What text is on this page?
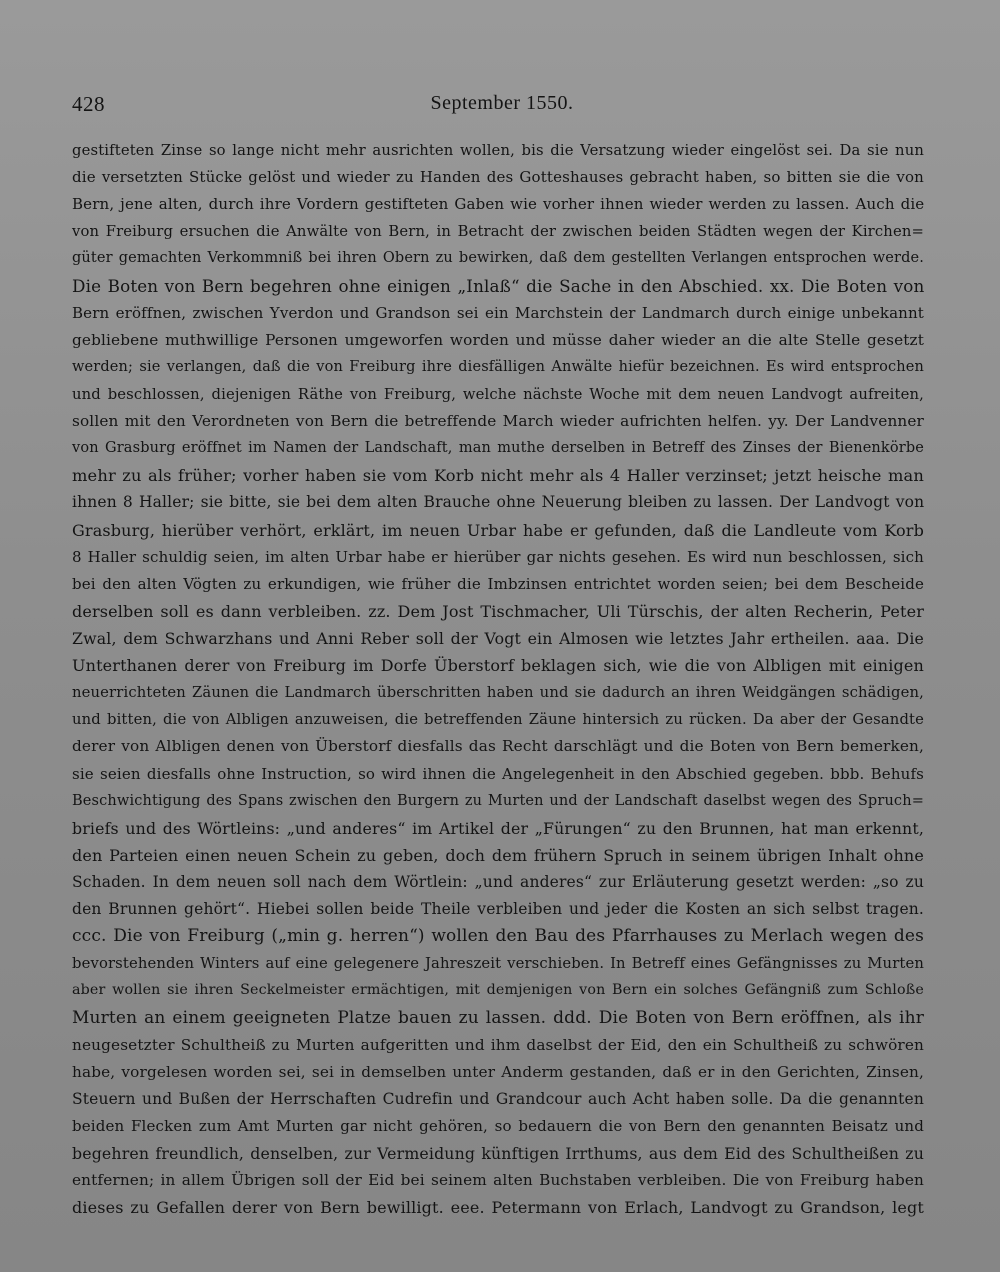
428	September 1550.
gestifteten Zinse so lange nicht mehr ausrichten wollen, bis die Versatzung wieder eingelöst sei. Da sie nun
die versetzten Stücke gelöst und wieder zu Handen des Gotteshauses gebracht haben, so bitten sie die von
Bern, jene alten, durch ihre Vordern gestifteten Gaben wie vorher ihnen wieder werden zu lassen. Auch die
von Freiburg ersuchen die Anwälte von Bern, in Betracht der zwischen beiden Städten wegen der Kirchen=
güter gemachten Verkommniß bei ihren Obern zu bewirken, daß dem gestellten Verlangen entsprochen werde.
Die Boten von Bern begehren ohne einigen „Inlaß“ die Sache in den Abschied. xx. Die Boten von
Bern eröffnen, zwischen Yverdon und Grandson sei ein Marchstein der Landmarch durch einige unbekannt
gebliebene muthwillige Personen umgeworfen worden und müsse daher wieder an die alte Stelle gesetzt
werden; sie verlangen, daß die von Freiburg ihre diesfälligen Anwälte hiefür bezeichnen. Es wird entsprochen
und beschlossen, diejenigen Räthe von Freiburg, welche nächste Woche mit dem neuen Landvogt aufreiten,
sollen mit den Verordneten von Bern die betreffende March wieder aufrichten helfen. yy. Der Landvenner
von Grasburg eröffnet im Namen der Landschaft, man muthe derselben in Betreff des Zinses der Bienenkörbe
mehr zu als früher; vorher haben sie vom Korb nicht mehr als 4 Haller verzinset; jetzt heische man
ihnen 8 Haller; sie bitte, sie bei dem alten Brauche ohne Neuerung bleiben zu lassen. Der Landvogt von
Grasburg, hierüber verhört, erklärt, im neuen Urbar habe er gefunden, daß die Landleute vom Korb
8 Haller schuldig seien, im alten Urbar habe er hierüber gar nichts gesehen. Es wird nun beschlossen, sich
bei den alten Vögten zu erkundigen, wie früher die Imbzinsen entrichtet worden seien; bei dem Bescheide
derselben soll es dann verbleiben. zz. Dem Jost Tischmacher, Uli Türschis, der alten Recherin, Peter
Zwal, dem Schwarzhans und Anni Reber soll der Vogt ein Almosen wie letztes Jahr ertheilen. aaa. Die
Unterthanen derer von Freiburg im Dorfe Überstorf beklagen sich, wie die von Albligen mit einigen
neuerrichteten Zäunen die Landmarch überschritten haben und sie dadurch an ihren Weidgängen schädigen,
und bitten, die von Albligen anzuweisen, die betreffenden Zäune hintersich zu rücken. Da aber der Gesandte
derer von Albligen denen von Überstorf diesfalls das Recht darschlägt und die Boten von Bern bemerken,
sie seien diesfalls ohne Instruction, so wird ihnen die Angelegenheit in den Abschied gegeben. bbb. Behufs
Beschwichtigung des Spans zwischen den Burgern zu Murten und der Landschaft daselbst wegen des Spruch=
briefs und des Wörtleins: „und anderes“ im Artikel der „Fürungen“ zu den Brunnen, hat man erkennt,
den Parteien einen neuen Schein zu geben, doch dem frühern Spruch in seinem übrigen Inhalt ohne
Schaden. In dem neuen soll nach dem Wörtlein: „und anderes“ zur Erläuterung gesetzt werden: „so zu
den Brunnen gehört“. Hiebei sollen beide Theile verbleiben und jeder die Kosten an sich selbst tragen.
ccc. Die von Freiburg („min g. herren“) wollen den Bau des Pfarrhauses zu Merlach wegen des
bevorstehenden Winters auf eine gelegenere Jahreszeit verschieben. In Betreff eines Gefängnisses zu Murten
aber wollen sie ihren Seckelmeister ermächtigen, mit demjenigen von Bern ein solches Gefängniß zum Schloße
Murten an einem geeigneten Platze bauen zu lassen. ddd. Die Boten von Bern eröffnen, als ihr
neugesetzter Schultheiß zu Murten aufgeritten und ihm daselbst der Eid, den ein Schultheiß zu schwören
habe, vorgelesen worden sei, sei in demselben unter Anderm gestanden, daß er in den Gerichten, Zinsen,
Steuern und Bußen der Herrschaften Cudrefin und Grandcour auch Acht haben solle. Da die genannten
beiden Flecken zum Amt Murten gar nicht gehören, so bedauern die von Bern den genannten Beisatz und
begehren freundlich, denselben, zur Vermeidung künftigen Irrthums, aus dem Eid des Schultheißen zu
entfernen; in allem Übrigen soll der Eid bei seinem alten Buchstaben verbleiben. Die von Freiburg haben
dieses zu Gefallen derer von Bern bewilligt. eee. Petermann von Erlach, Landvogt zu Grandson, legt
